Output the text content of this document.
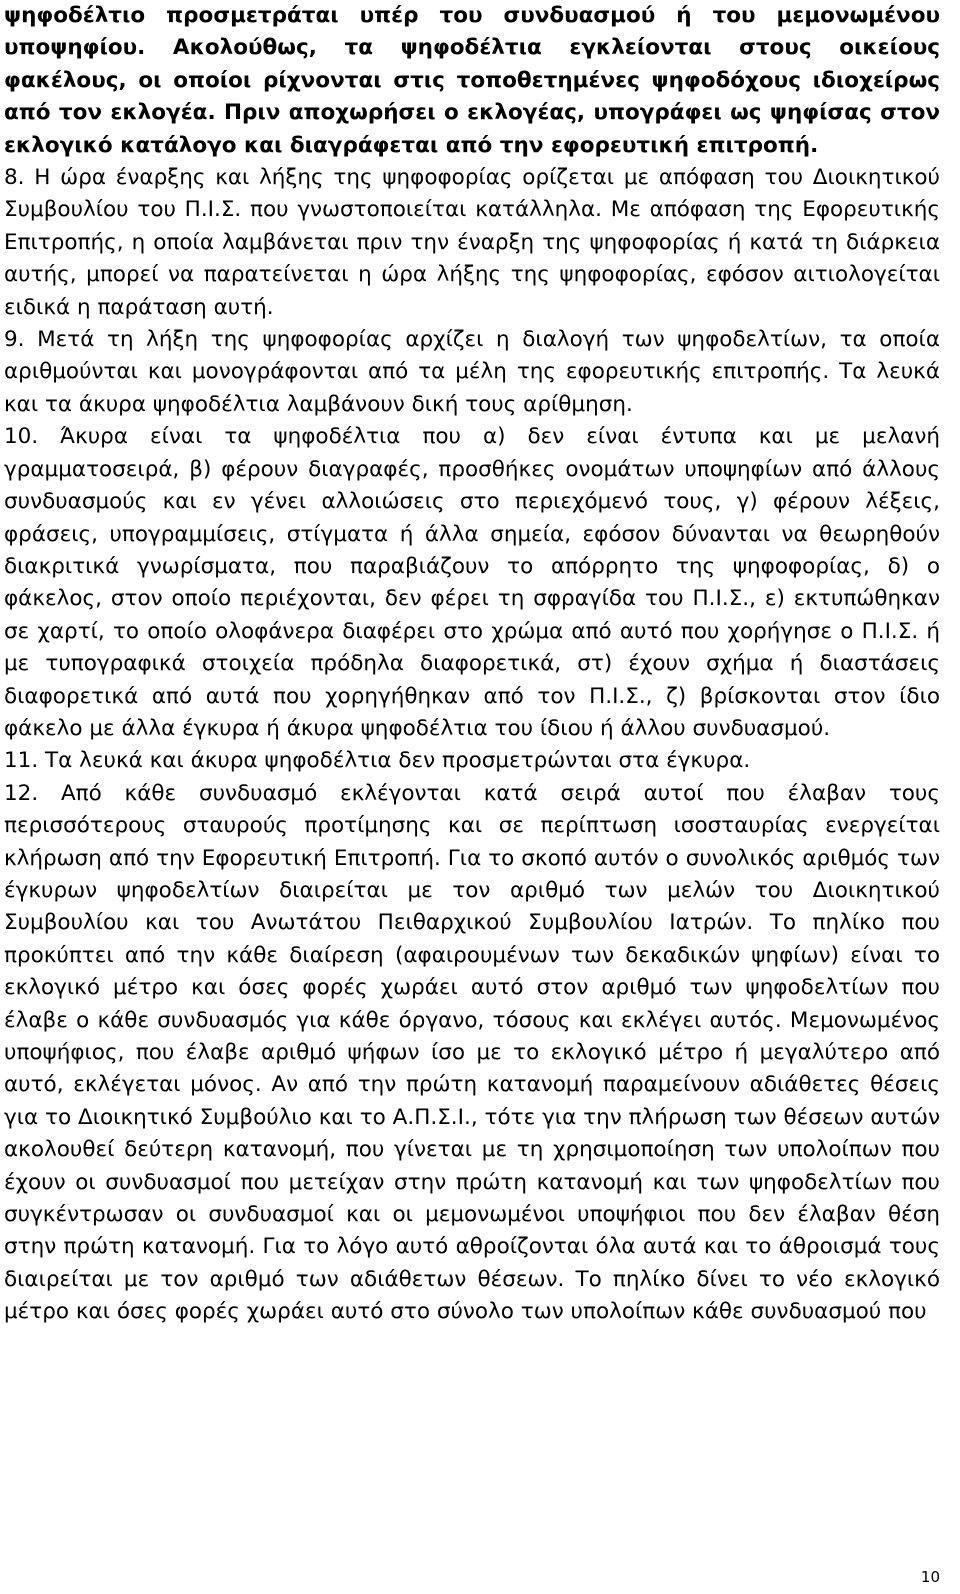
ψηφοδέλτιο προσμετράται υπέρ του συνδυασμού ή του μεμονωμένου υποψηφίου. Ακολούθως, τα ψηφοδέλτια εγκλείονται στους οικείους φακέλους, οι οποίοι ρίχνονται στις τοποθετημένες ψηφοδόχους ιδιοχείρως από τον εκλογέα. Πριν αποχωρήσει ο εκλογέας, υπογράφει ως ψηφίσας στον εκλογικό κατάλογο και διαγράφεται από την εφορευτική επιτροπή.

8. Η ώρα έναρξης και λήξης της ψηφοφορίας ορίζεται με απόφαση του Διοικητικού Συμβουλίου του Π.Ι.Σ. που γνωστοποιείται κατάλληλα. Με απόφαση της Εφορευτικής Επιτροπής, η οποία λαμβάνεται πριν την έναρξη της ψηφοφορίας ή κατά τη διάρκεια αυτής, μπορεί να παρατείνεται η ώρα λήξης της ψηφοφορίας, εφόσον αιτιολογείται ειδικά η παράταση αυτή.

9. Μετά τη λήξη της ψηφοφορίας αρχίζει η διαλογή των ψηφοδελτίων, τα οποία αριθμούνται και μονογράφονται από τα μέλη της εφορευτικής επιτροπής. Τα λευκά και τα άκυρα ψηφοδέλτια λαμβάνουν δική τους αρίθμηση.

10. Άκυρα είναι τα ψηφοδέλτια που α) δεν είναι έντυπα και με μελανή γραμματοσειρά, β) φέρουν διαγραφές, προσθήκες ονομάτων υποψηφίων από άλλους συνδυασμούς και εν γένει αλλοιώσεις στο περιεχόμενό τους, γ) φέρουν λέξεις, φράσεις, υπογραμμίσεις, στίγματα ή άλλα σημεία, εφόσον δύνανται να θεωρηθούν διακριτικά γνωρίσματα, που παραβιάζουν το απόρρητο της ψηφοφορίας, δ) ο φάκελος, στον οποίο περιέχονται, δεν φέρει τη σφραγίδα του Π.Ι.Σ., ε) εκτυπώθηκαν σε χαρτί, το οποίο ολοφάνερα διαφέρει στο χρώμα από αυτό που χορήγησε ο Π.Ι.Σ. ή με τυπογραφικά στοιχεία πρόδηλα διαφορετικά, στ) έχουν σχήμα ή διαστάσεις διαφορετικά από αυτά που χορηγήθηκαν από τον Π.Ι.Σ., ζ) βρίσκονται στον ίδιο φάκελο με άλλα έγκυρα ή άκυρα ψηφοδέλτια του ίδιου ή άλλου συνδυασμού.

11. Τα λευκά και άκυρα ψηφοδέλτια δεν προσμετρώνται στα έγκυρα.

12. Από κάθε συνδυασμό εκλέγονται κατά σειρά αυτοί που έλαβαν τους περισσότερους σταυρούς προτίμησης και σε περίπτωση ισοσταυρίας ενεργείται κλήρωση από την Εφορευτική Επιτροπή. Για το σκοπό αυτόν ο συνολικός αριθμός των έγκυρων ψηφοδελτίων διαιρείται με τον αριθμό των μελών του Διοικητικού Συμβουλίου και του Ανωτάτου Πειθαρχικού Συμβουλίου Ιατρών. Το πηλίκο που προκύπτει από την κάθε διαίρεση (αφαιρουμένων των δεκαδικών ψηφίων) είναι το εκλογικό μέτρο και όσες φορές χωράει αυτό στον αριθμό των ψηφοδελτίων που έλαβε ο κάθε συνδυασμός για κάθε όργανο, τόσους και εκλέγει αυτός. Μεμονωμένος υποψήφιος, που έλαβε αριθμό ψήφων ίσο με το εκλογικό μέτρο ή μεγαλύτερο από αυτό, εκλέγεται μόνος. Αν από την πρώτη κατανομή παραμείνουν αδιάθετες θέσεις για το Διοικητικό Συμβούλιο και το Α.Π.Σ.Ι., τότε για την πλήρωση των θέσεων αυτών ακολουθεί δεύτερη κατανομή, που γίνεται με τη χρησιμοποίηση των υπολοίπων που έχουν οι συνδυασμοί που μετείχαν στην πρώτη κατανομή και των ψηφοδελτίων που συγκέντρωσαν οι συνδυασμοί και οι μεμονωμένοι υποψήφιοι που δεν έλαβαν θέση στην πρώτη κατανομή. Για το λόγο αυτό αθροίζονται όλα αυτά και το άθροισμά τους διαιρείται με τον αριθμό των αδιάθετων θέσεων. Το πηλίκο δίνει το νέο εκλογικό μέτρο και όσες φορές χωράει αυτό στο σύνολο των υπολοίπων κάθε συνδυασμού που

10
